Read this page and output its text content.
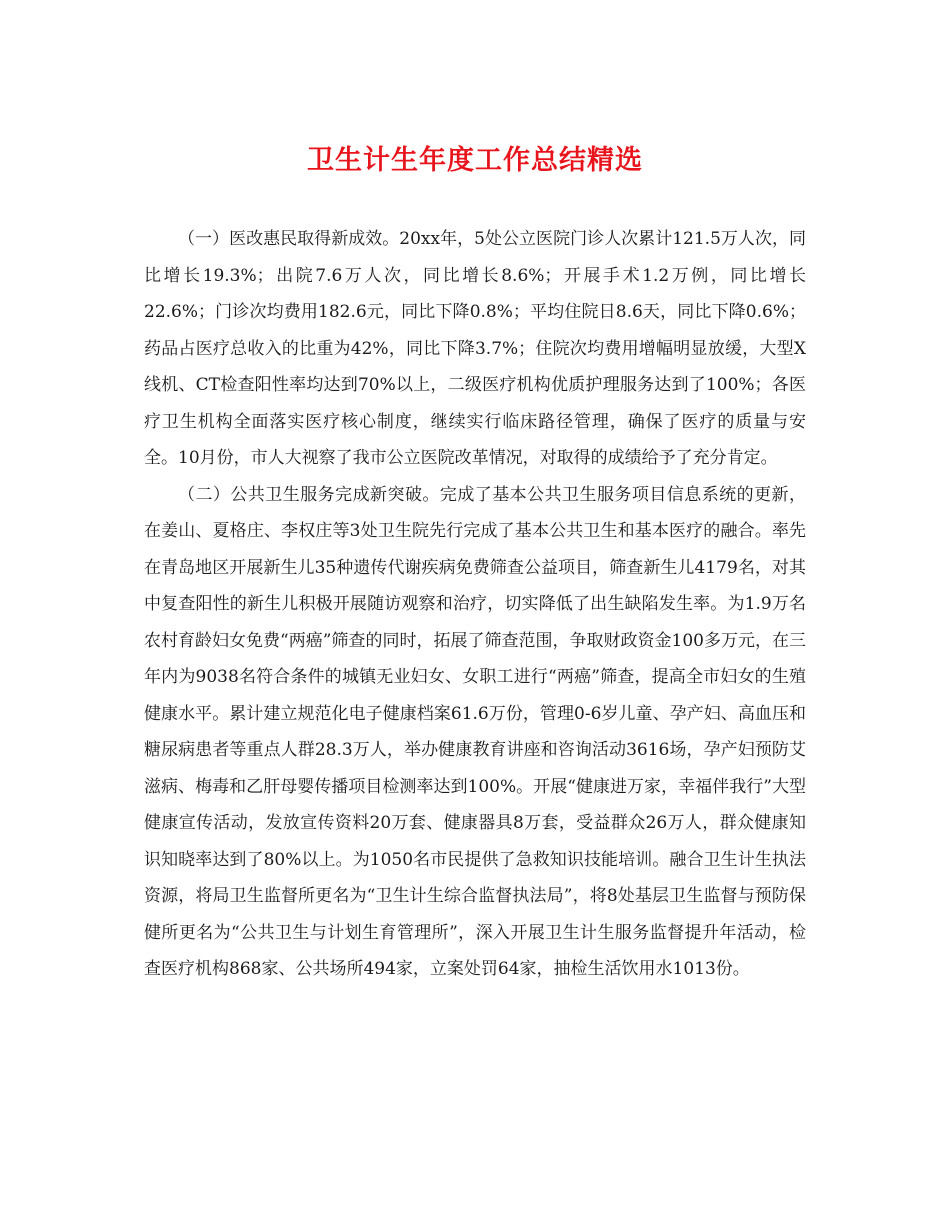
卫生计生年度工作总结精选

（一）医改惠民取得新成效。20xx年，5处公立医院门诊人次累计121.5万人次，同比增长19.3%；出院7.6万人次，同比增长8.6%；开展手术1.2万例，同比增长22.6%；门诊次均费用182.6元，同比下降0.8%；平均住院日8.6天，同比下降0.6%；药品占医疗总收入的比重为42%，同比下降3.7%；住院次均费用增幅明显放缓，大型X线机、CT检查阳性率均达到70%以上，二级医疗机构优质护理服务达到了100%；各医疗卫生机构全面落实医疗核心制度，继续实行临床路径管理，确保了医疗的质量与安全。10月份，市人大视察了我市公立医院改革情况，对取得的成绩给予了充分肯定。

（二）公共卫生服务完成新突破。完成了基本公共卫生服务项目信息系统的更新，在姜山、夏格庄、李权庄等3处卫生院先行完成了基本公共卫生和基本医疗的融合。率先在青岛地区开展新生儿35种遗传代谢疾病免费筛查公益项目，筛查新生儿4179名，对其中复查阳性的新生儿积极开展随访观察和治疗，切实降低了出生缺陷发生率。为1.9万名农村育龄妇女免费“两癌”筛查的同时，拓展了筛查范围，争取财政资金100多万元，在三年内为9038名符合条件的城镇无业妇女、女职工进行“两癌”筛查，提高全市妇女的生殖健康水平。累计建立规范化电子健康档案61.6万份，管理0-6岁儿童、孕产妇、高血压和糖尿病患者等重点人群28.3万人，举办健康教育讲座和咨询活动3616场，孕产妇预防艾滋病、梅毒和乙肝母婴传播项目检测率达到100%。开展“健康进万家，幸福伴我行”大型健康宣传活动，发放宣传资料20万套、健康器具8万套，受益群众26万人，群众健康知识知晓率达到了80%以上。为1050名市民提供了急救知识技能培训。融合卫生计生执法资源，将局卫生监督所更名为“卫生计生综合监督执法局”，将8处基层卫生监督与预防保健所更名为“公共卫生与计划生育管理所”，深入开展卫生计生服务监督提升年活动，检查医疗机构868家、公共场所494家，立案处罚64家，抽检生活饮用水1013份。
